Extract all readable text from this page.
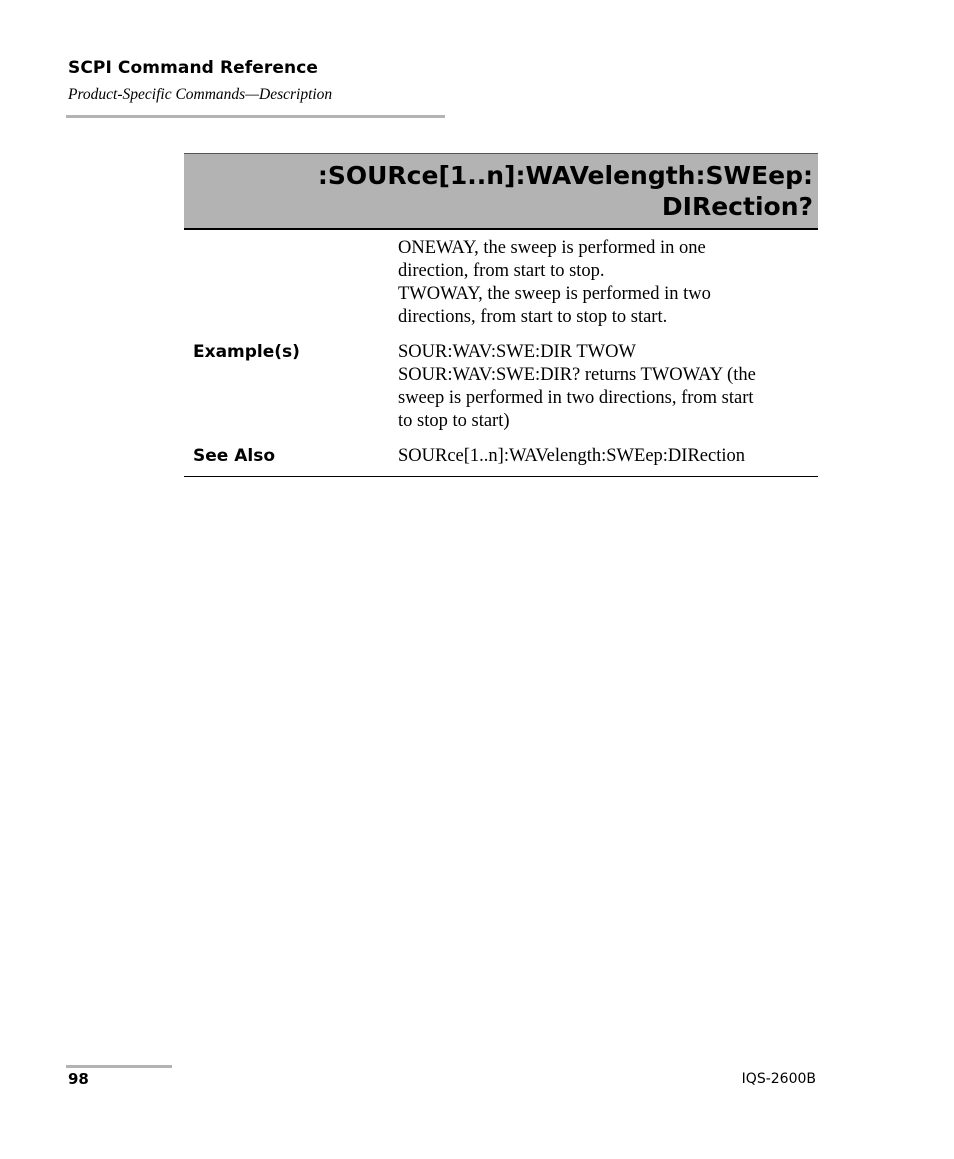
SCPI Command Reference
Product-Specific Commands—Description
:SOURce[1..n]:WAVelength:SWEep:
DIRection?
ONEWAY, the sweep is performed in one
direction, from start to stop.
TWOWAY, the sweep is performed in two
directions, from start to stop to start.
Example(s)	SOUR:WAV:SWE:DIR TWOW
SOUR:WAV:SWE:DIR? returns TWOWAY (the
sweep is performed in two directions, from start
to stop to start)
See Also	SOURce[1..n]:WAVelength:SWEep:DIRection
98	IQS-2600B
